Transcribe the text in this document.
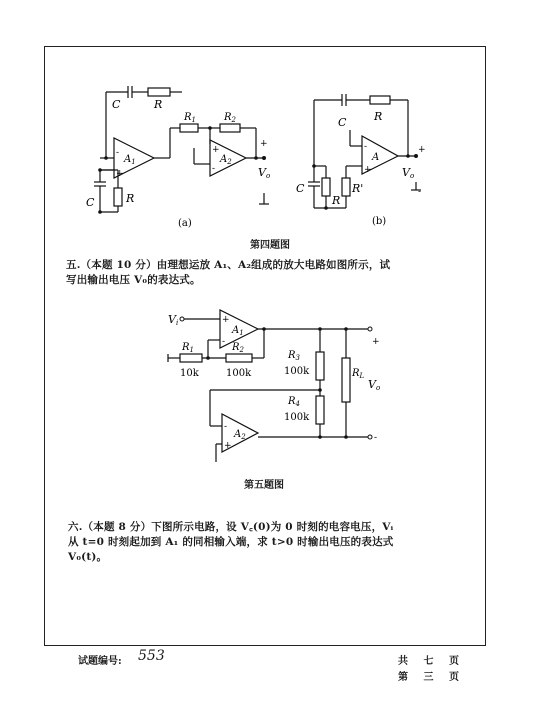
C	R
$R_1$	$R_2$
$A_1$	$A_2$
-
+
+
-
+
C	R
Vo
(a)
C	R
A
-
+
+
C
R
R'
Vo
-
(b)
第四题图
五.（本题 10 分）由理想运放 A₁、A₂组成的放大电路如图所示，试
写出输出电压 V₀的表达式。
Vi
$A_1$
+
-
$R_1$
10k
$R_2$
100k
$R_3$
100k
$R_4$
100k
$R_L$
Vo
+
-
$A_2$
-
+
第五题图
六.（本题 8 分）下图所示电路，设 V꜀(0)为 0 时刻的电容电压，Vᵢ
从 t=0 时刻起加到 A₁ 的同相输入端，求 t>0 时输出电压的表达式
V₀(t)。
试题编号: 553	共 七 页
第 三 页
